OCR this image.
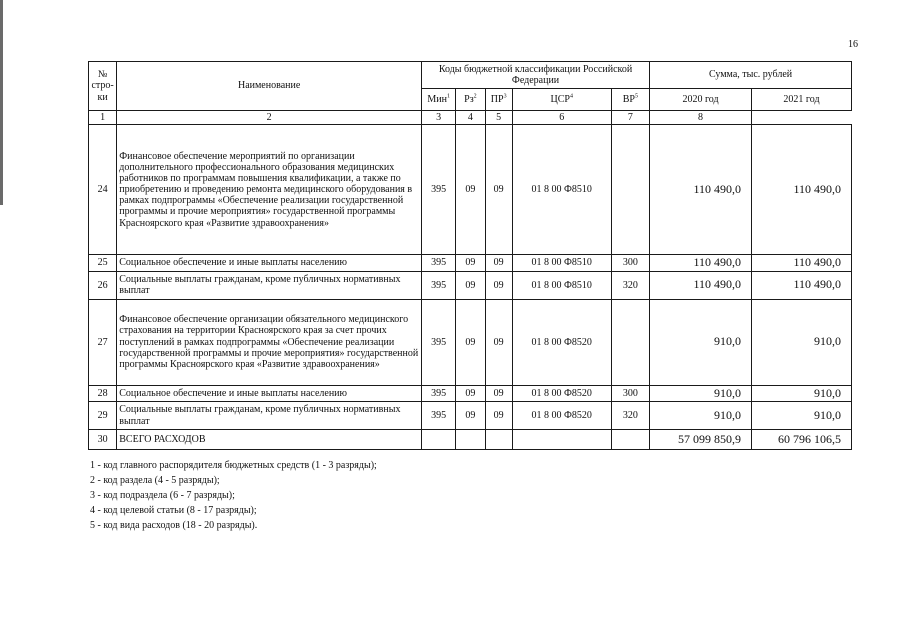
16
№ стро-ки	Наименование	Коды бюджетной классификации Российской Федерации					Сумма, тыс. рублей	
		Мин$^1$	$Рз^2$	$ПР^3$	ЦСР$^4$	$ВР^5$	2020 год	2021 год
1	2	3	4	5	6	7	8	
24	Финансовое обеспечение мероприятий по организации дополнительного профессионального образования медицинских работников по программам повышения квалификации, а также по приобретению и проведению ремонта медицинского оборудования в рамках подпрограммы «Обеспечение реализации государственной программы и прочие мероприятия» государственной программы Красноярского края «Развитие здравоохранения»	395	09	09	01 8 00 Ф8510		110 490,0	110 490,0
25	Социальное обеспечение и иные выплаты населению	395	09	09	01 8 00 Ф8510	300	110 490,0	110 490,0
26	Социальные выплаты гражданам, кроме публичных нормативных выплат	395	09	09	01 8 00 Ф8510	320	110 490,0	110 490,0
27	Финансовое обеспечение организации обязательного медицинского страхования на территории Красноярского края за счет прочих поступлений в рамках подпрограммы «Обеспечение реализации государственной программы и прочие мероприятия» государственной программы Красноярского края «Развитие здравоохранения»	395	09	09	01 8 00 Ф8520		910,0	910,0
28	Социальное обеспечение и иные выплаты населению	395	09	09	01 8 00 Ф8520	300	910,0	910,0
29	Социальные выплаты гражданам, кроме публичных нормативных выплат	395	09	09	01 8 00 Ф8520	320	910,0	910,0
30	ВСЕГО РАСХОДОВ						57 099 850,9	60 796 106,5
1 - код главного распорядителя бюджетных средств (1 - 3 разряды);
2 - код раздела (4 - 5 разряды);
3 - код подраздела (6 - 7 разряды);
4 - код целевой статьи (8 - 17 разряды);
5 - код вида расходов (18 - 20 разряды).
